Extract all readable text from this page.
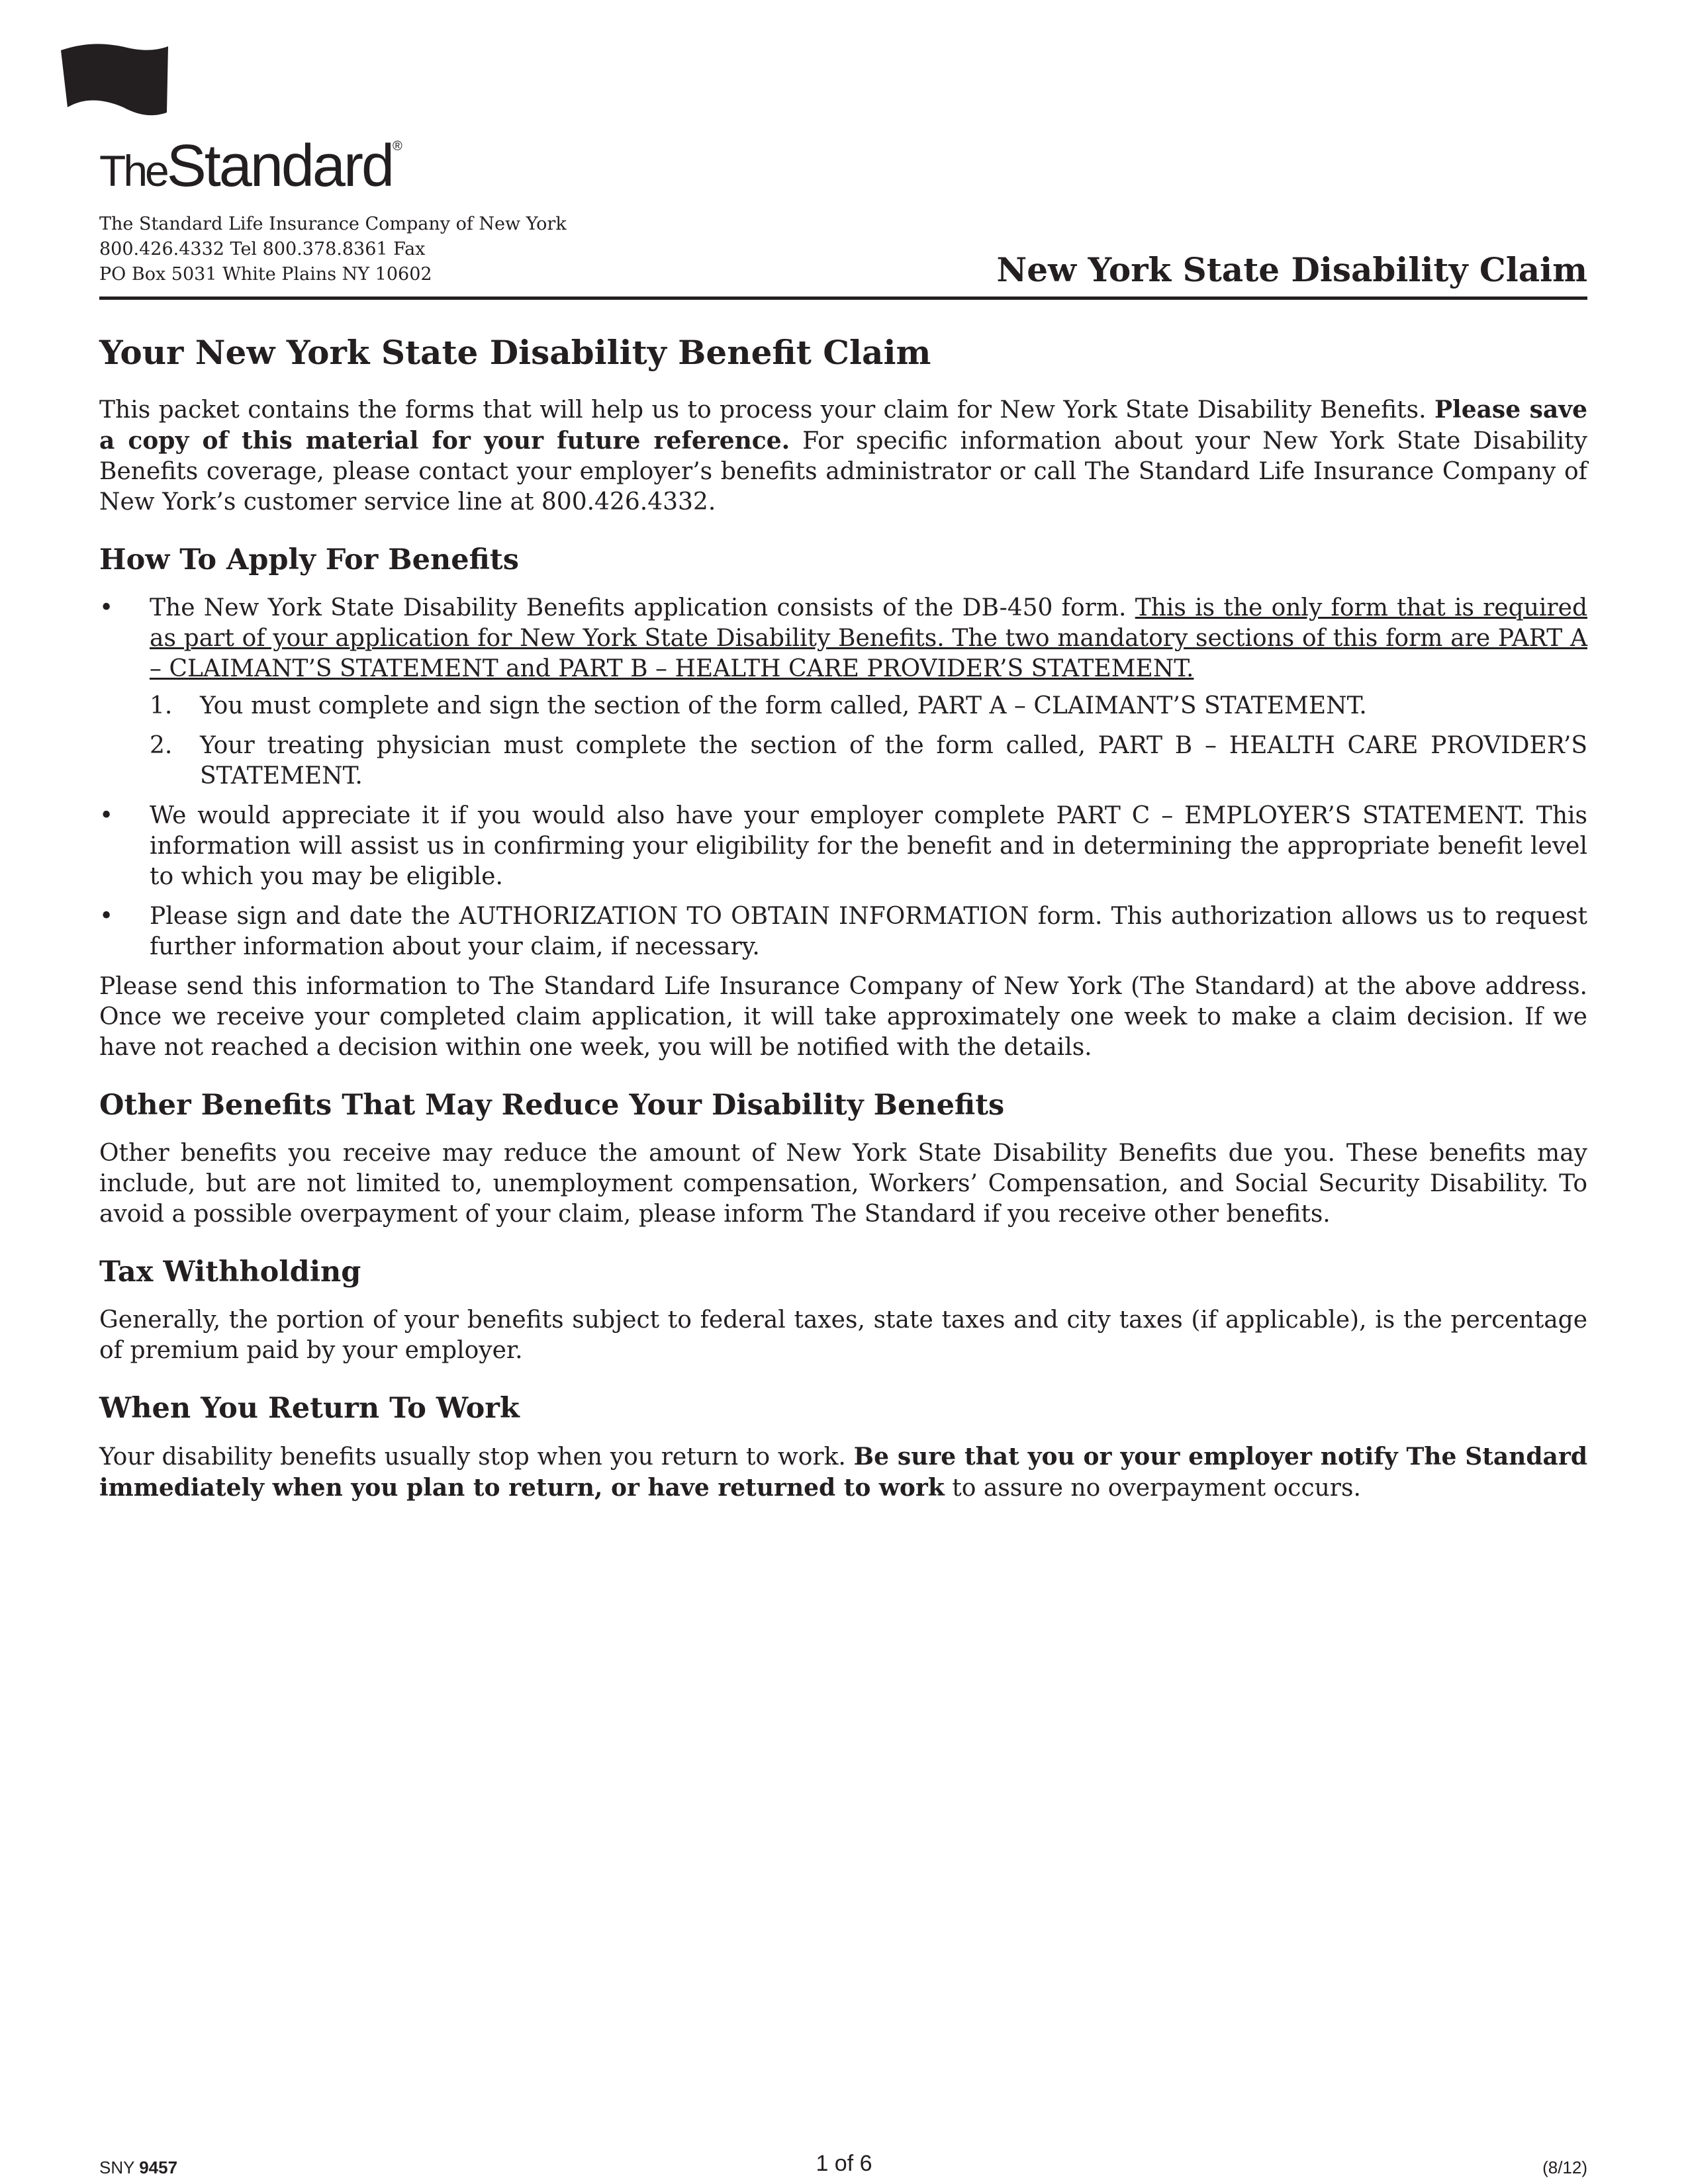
TheStandard®
The Standard Life Insurance Company of New York
800.426.4332 Tel 800.378.8361 Fax
PO Box 5031 White Plains NY 10602	New York State Disability Claim
Your New York State Disability Benefit Claim

This packet contains the forms that will help us to process your claim for New York State Disability Benefits. Please save a copy of this material for your future reference. For specific information about your New York State Disability Benefits coverage, please contact your employer’s benefits administrator or call The Standard Life Insurance Company of New York’s customer service line at 800.426.4332.

How To Apply For Benefits
• The New York State Disability Benefits application consists of the DB-450 form. This is the only form that is required as part of your application for New York State Disability Benefits. The two mandatory sections of this form are PART A – CLAIMANT’S STATEMENT and PART B – HEALTH CARE PROVIDER’S STATEMENT.
1. You must complete and sign the section of the form called, PART A – CLAIMANT’S STATEMENT.
2. Your treating physician must complete the section of the form called, PART B – HEALTH CARE PROVIDER’S STATEMENT.
• We would appreciate it if you would also have your employer complete PART C – EMPLOYER’S STATEMENT. This information will assist us in confirming your eligibility for the benefit and in determining the appropriate benefit level to which you may be eligible.
• Please sign and date the AUTHORIZATION TO OBTAIN INFORMATION form. This authorization allows us to request further information about your claim, if necessary.

Please send this information to The Standard Life Insurance Company of New York (The Standard) at the above address. Once we receive your completed claim application, it will take approximately one week to make a claim decision. If we have not reached a decision within one week, you will be notified with the details.

Other Benefits That May Reduce Your Disability Benefits

Other benefits you receive may reduce the amount of New York State Disability Benefits due you. These benefits may include, but are not limited to, unemployment compensation, Workers’ Compensation, and Social Security Disability. To avoid a possible overpayment of your claim, please inform The Standard if you receive other benefits.

Tax Withholding

Generally, the portion of your benefits subject to federal taxes, state taxes and city taxes (if applicable), is the percentage of premium paid by your employer.

When You Return To Work

Your disability benefits usually stop when you return to work. Be sure that you or your employer notify The Standard immediately when you plan to return, or have returned to work to assure no overpayment occurs.

SNY 9457	1 of 6	(8/12)
